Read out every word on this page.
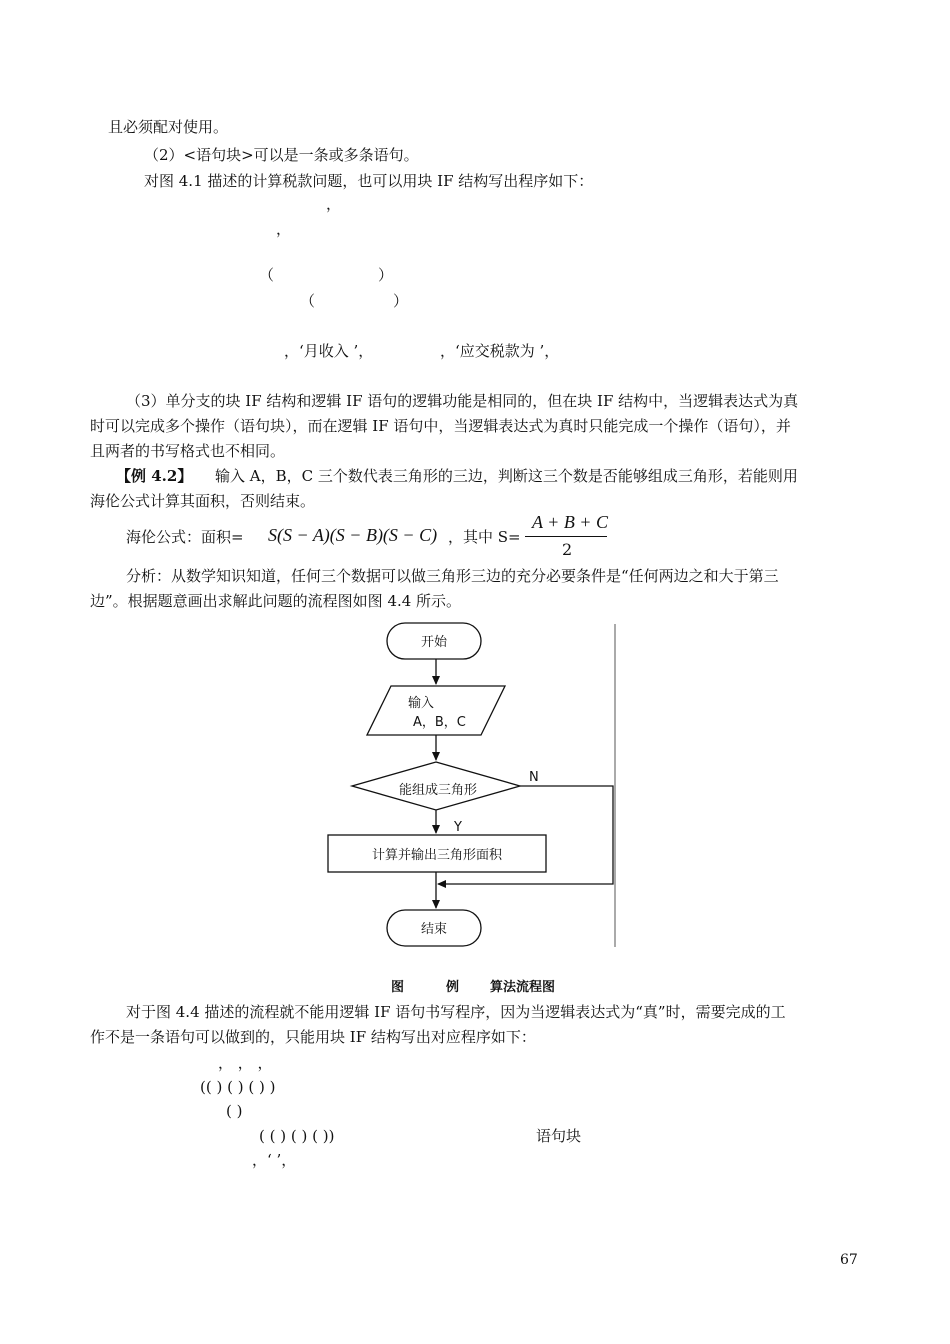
且必须配对使用。
（2）<语句块>可以是一条或多条语句。
对图 4.1 描述的计算税款问题，也可以用块 IF 结构写出程序如下：
，
，
（	）
（	）
，‘月收入 ’，	，‘应交税款为 ’，
（3）单分支的块 IF 结构和逻辑 IF 语句的逻辑功能是相同的，但在块 IF 结构中，当逻辑表达式为真
时可以完成多个操作（语句块），而在逻辑 IF 语句中，当逻辑表达式为真时只能完成一个操作（语句），并
且两者的书写格式也不相同。
【例 4.2】 输入 A，B，C 三个数代表三角形的三边，判断这三个数是否能够组成三角形，若能则用
海伦公式计算其面积，否则结束。
海伦公式：面积= S(S − A)(S − B)(S − C) ，其中 S=
A + B + C
2
分析：从数学知识知道，任何三个数据可以做三角形三边的充分必要条件是“任何两边之和大于第三
边”。根据题意画出求解此问题的流程图如图 4.4 所示。
开始
输入
A，B，C
能组成三角形
N
Y
计算并输出三角形面积
结束
图	例 算法流程图
对于图 4.4 描述的流程就不能用逻辑 IF 语句书写程序，因为当逻辑表达式为“真”时，需要完成的工
作不是一条语句可以做到的，只能用块 IF 结构写出对应程序如下：
， ， ，
(( ) ( ) ( ) )
( )
( ( ) ( ) ( ))	语句块
，‘ ’，
67
